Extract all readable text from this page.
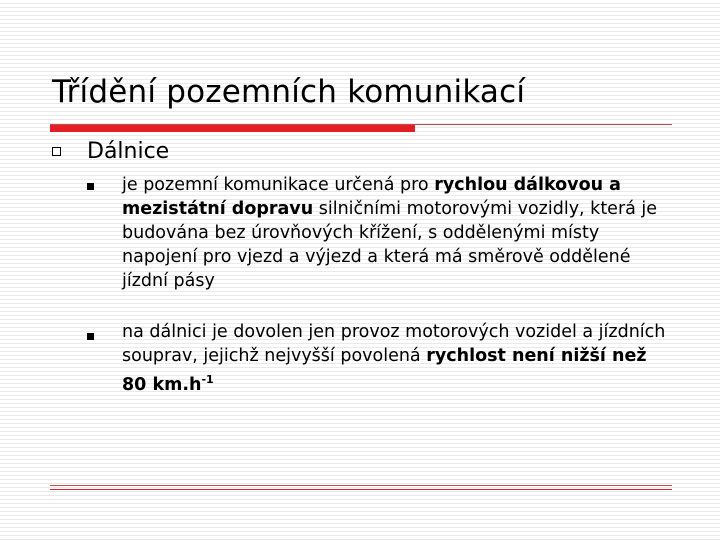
Třídění pozemních komunikací
Dálnice

je pozemní komunikace určená pro rychlou dálkovou a mezistátní dopravu silničními motorovými vozidly, která je budována bez úrovňových křížení, s oddělenými místy napojení pro vjezd a výjezd a která má směrově oddělené jízdní pásy

na dálnici je dovolen jen provoz motorových vozidel a jízdních souprav, jejichž nejvyšší povolená rychlost není nižší než 80 $km.h^{-1}$
